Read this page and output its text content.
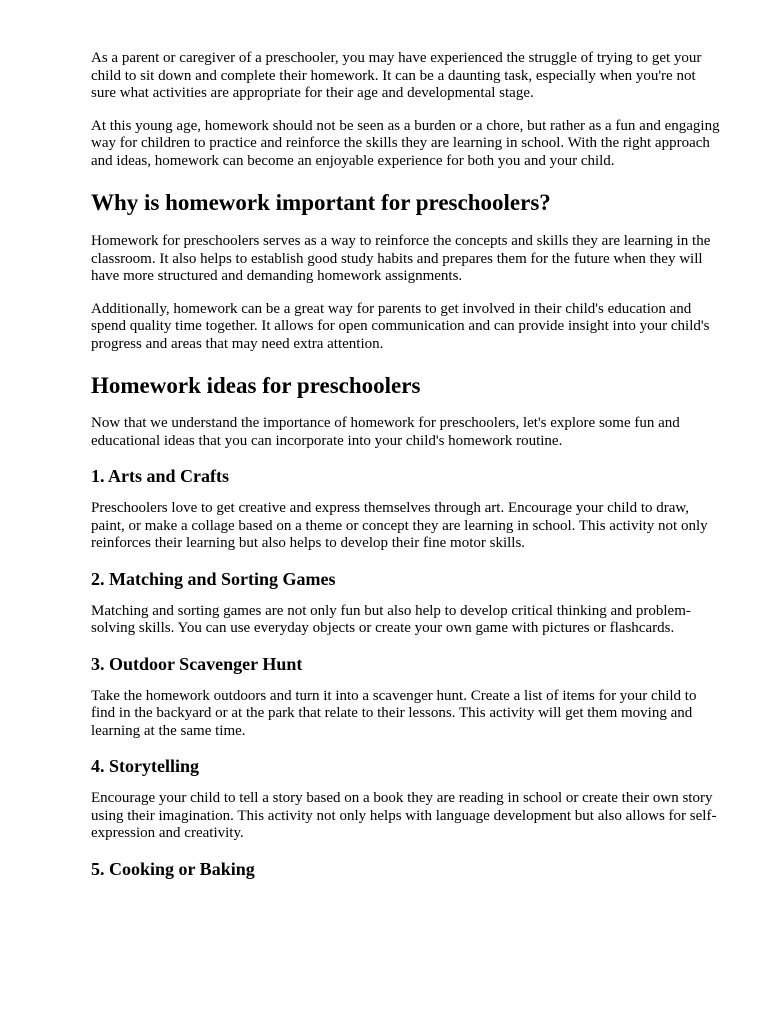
As a parent or caregiver of a preschooler, you may have experienced the struggle of trying to get your child to sit down and complete their homework. It can be a daunting task, especially when you're not sure what activities are appropriate for their age and developmental stage.

At this young age, homework should not be seen as a burden or a chore, but rather as a fun and engaging way for children to practice and reinforce the skills they are learning in school. With the right approach and ideas, homework can become an enjoyable experience for both you and your child.

Why is homework important for preschoolers?

Homework for preschoolers serves as a way to reinforce the concepts and skills they are learning in the classroom. It also helps to establish good study habits and prepares them for the future when they will have more structured and demanding homework assignments.

Additionally, homework can be a great way for parents to get involved in their child's education and spend quality time together. It allows for open communication and can provide insight into your child's progress and areas that may need extra attention.

Homework ideas for preschoolers

Now that we understand the importance of homework for preschoolers, let's explore some fun and educational ideas that you can incorporate into your child's homework routine.

1. Arts and Crafts

Preschoolers love to get creative and express themselves through art. Encourage your child to draw, paint, or make a collage based on a theme or concept they are learning in school. This activity not only reinforces their learning but also helps to develop their fine motor skills.

2. Matching and Sorting Games

Matching and sorting games are not only fun but also help to develop critical thinking and problem-solving skills. You can use everyday objects or create your own game with pictures or flashcards.

3. Outdoor Scavenger Hunt

Take the homework outdoors and turn it into a scavenger hunt. Create a list of items for your child to find in the backyard or at the park that relate to their lessons. This activity will get them moving and learning at the same time.

4. Storytelling

Encourage your child to tell a story based on a book they are reading in school or create their own story using their imagination. This activity not only helps with language development but also allows for self-expression and creativity.

5. Cooking or Baking
